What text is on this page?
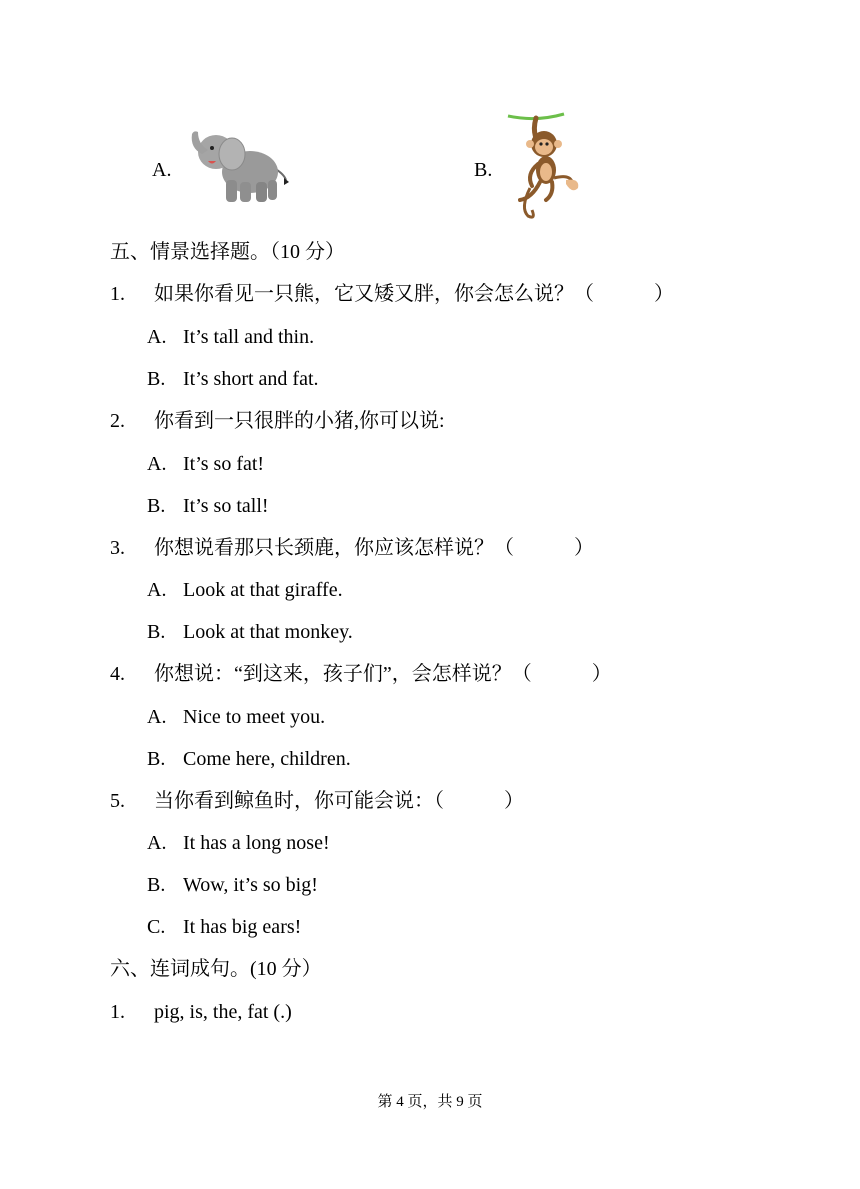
A.	B.
五、情景选择题。（10 分）
1. 如果你看见一只熊，它又矮又胖，你会怎么说？（　　　）
A. It’s tall and thin.
B. It’s short and fat.
2. 你看到一只很胖的小猪,你可以说:
A. It’s so fat!
B. It’s so tall!
3. 你想说看那只长颈鹿，你应该怎样说？（　　　）
A. Look at that giraffe.
B. Look at that monkey.
4. 你想说：“到这来，孩子们”，会怎样说？（　　　）
A. Nice to meet you.
B. Come here, children.
5. 当你看到鲸鱼时，你可能会说：（　　　）
A. It has a long nose!
B. Wow, it’s so big!
C. It has big ears!
六、连词成句。(10 分）
1. pig, is, the, fat (.)
第 4 页，共 9 页
